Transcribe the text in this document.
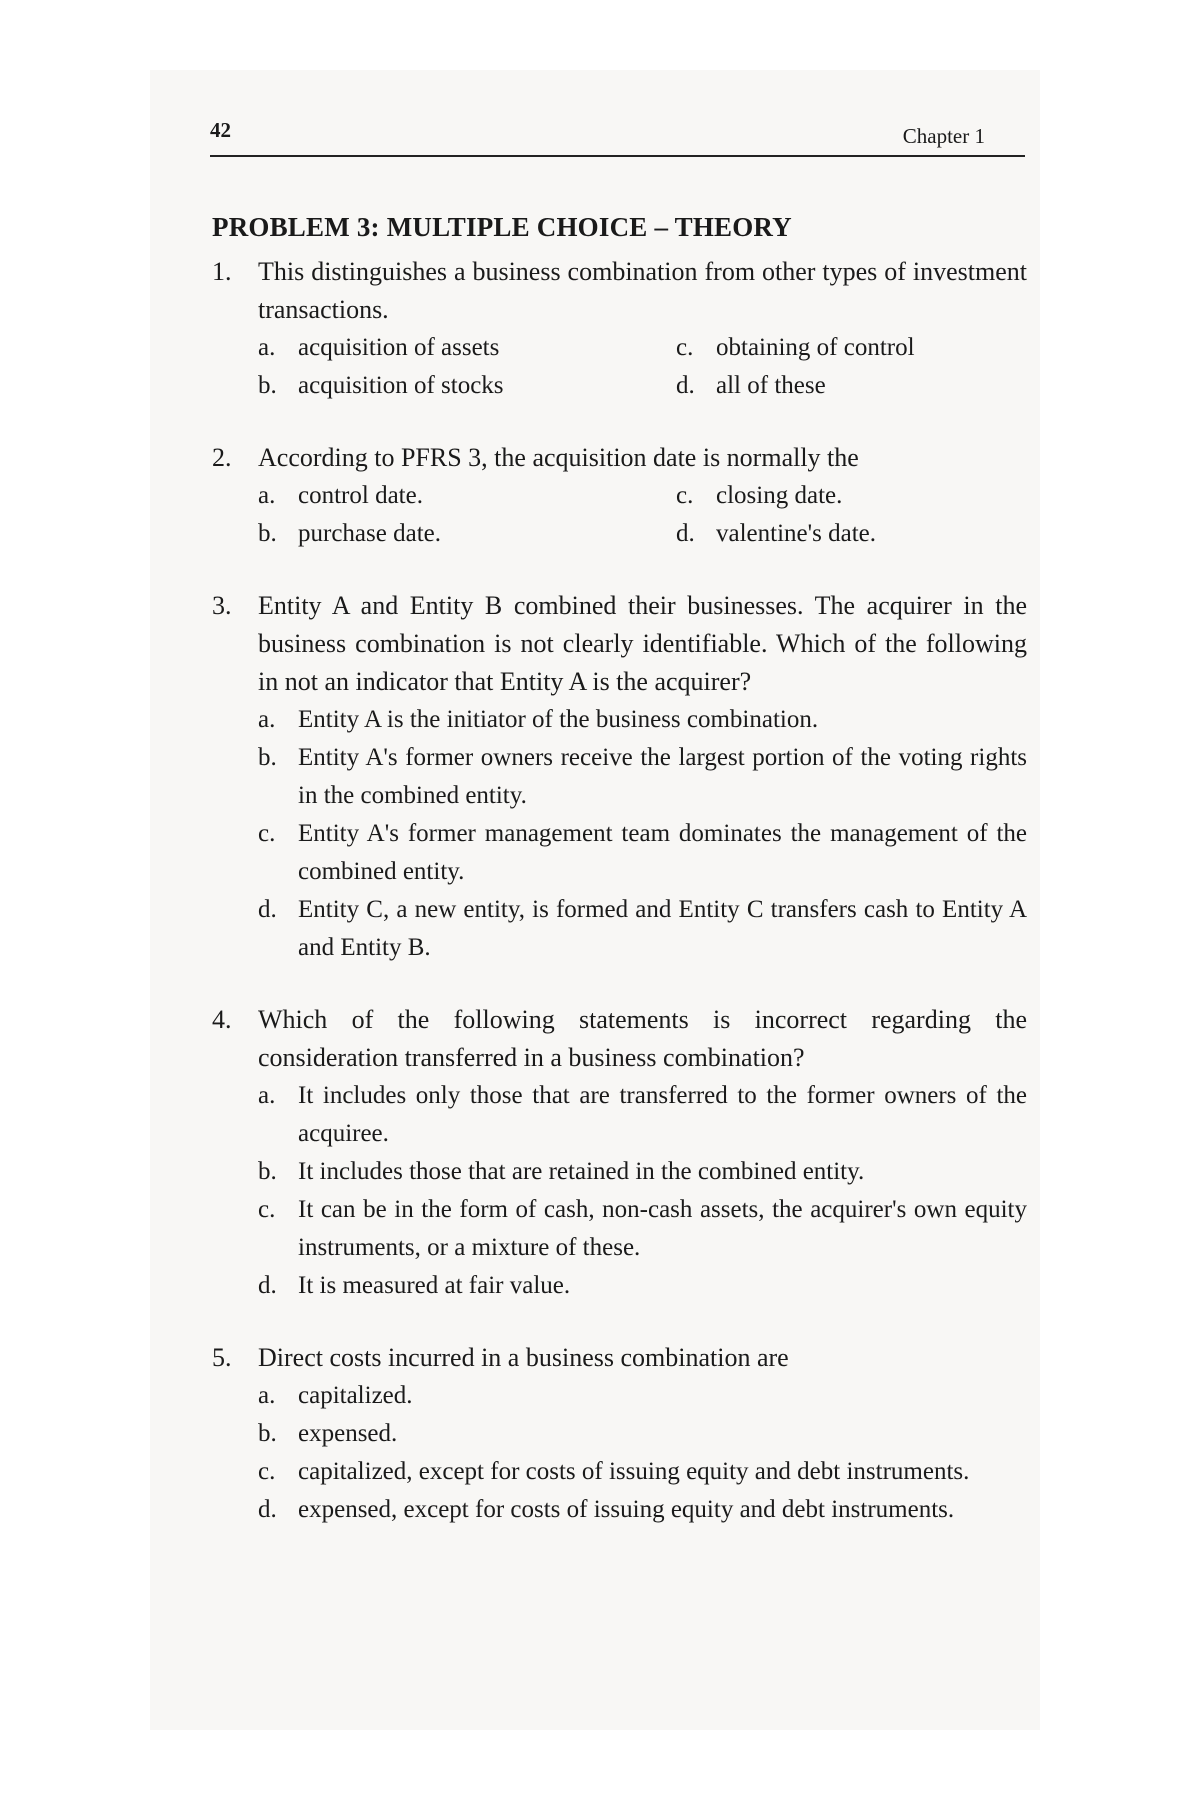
42	Chapter 1
PROBLEM 3: MULTIPLE CHOICE – THEORY
1.	This distinguishes a business combination from other types of investment transactions.
a. acquisition of assets	c. obtaining of control
b. acquisition of stocks	d. all of these
2.	According to PFRS 3, the acquisition date is normally the
a. control date.	c. closing date.
b. purchase date.	d. valentine's date.
3.	Entity A and Entity B combined their businesses. The acquirer in the business combination is not clearly identifiable. Which of the following in not an indicator that Entity A is the acquirer?
a. Entity A is the initiator of the business combination.
b. Entity A's former owners receive the largest portion of the voting rights in the combined entity.
c. Entity A's former management team dominates the management of the combined entity.
d. Entity C, a new entity, is formed and Entity C transfers cash to Entity A and Entity B.
4.	Which of the following statements is incorrect regarding the consideration transferred in a business combination?
a. It includes only those that are transferred to the former owners of the acquiree.
b. It includes those that are retained in the combined entity.
c. It can be in the form of cash, non-cash assets, the acquirer's own equity instruments, or a mixture of these.
d. It is measured at fair value.
5.	Direct costs incurred in a business combination are
a. capitalized.
b. expensed.
c. capitalized, except for costs of issuing equity and debt instruments.
d. expensed, except for costs of issuing equity and debt instruments.
